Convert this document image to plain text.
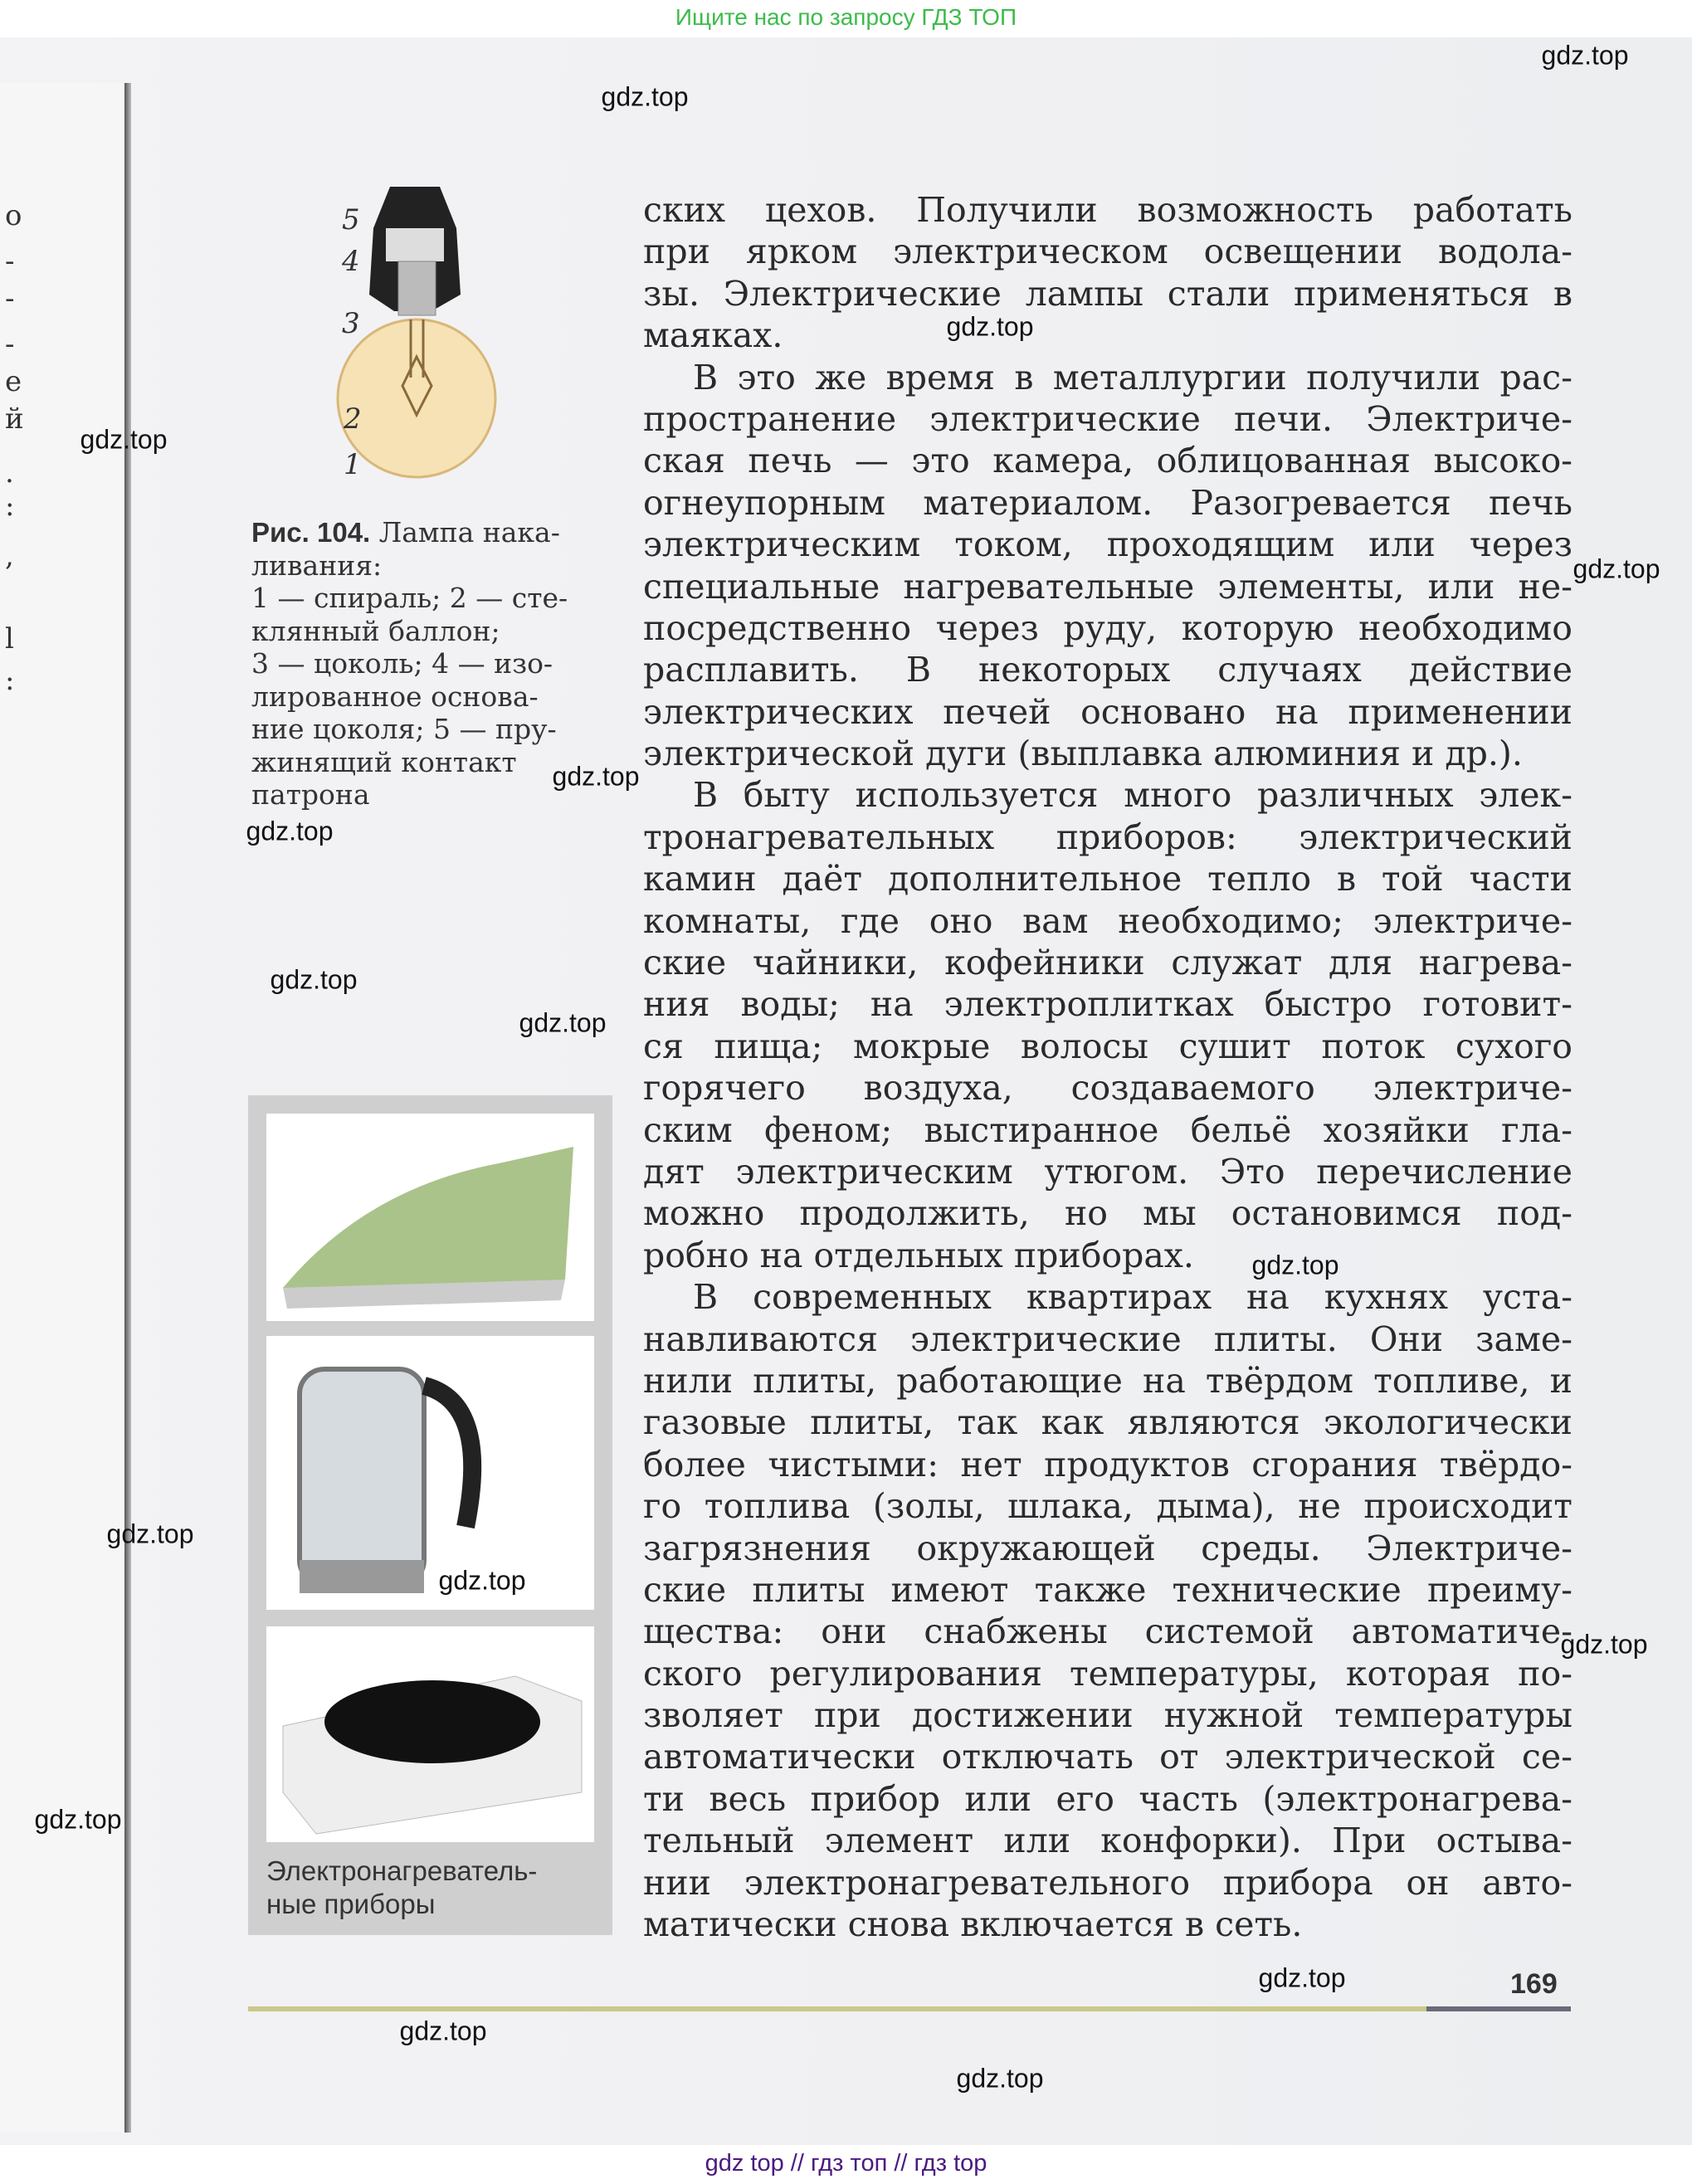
Ищите нас по запросу ГДЗ ТОП
о
-
-
-
е
й
.
:
,
l
:
5
4
3
2
1
Рис. 104. Лампа нака-
ливания:
1 — спираль; 2 — сте-
клянный баллон;
3 — цоколь; 4 — изо-
лированное основа-
ние цоколя; 5 — пру-
жинящий контакт
патрона
ских цехов. Получили возможность работать
при ярком электрическом освещении водола-
зы. Электрические лампы стали применяться в
маяках.
В это же время в металлургии получили рас-
пространение электрические печи. Электриче-
ская печь — это камера, облицованная высоко-
огнеупорным материалом. Разогревается печь
электрическим током, проходящим или через
специальные нагревательные элементы, или не-
посредственно через руду, которую необходимо
расплавить. В некоторых случаях действие
электрических печей основано на применении
электрической дуги (выплавка алюминия и др.).
В быту используется много различных элек-
тронагревательных приборов: электрический
камин даёт дополнительное тепло в той части
комнаты, где оно вам необходимо; электриче-
ские чайники, кофейники служат для нагрева-
ния воды; на электроплитках быстро готовит-
ся пища; мокрые волосы сушит поток сухого
горячего воздуха, создаваемого электриче-
ским феном; выстиранное бельё хозяйки гла-
дят электрическим утюгом. Это перечисление
можно продолжить, но мы остановимся под-
робно на отдельных приборах.
В современных квартирах на кухнях уста-
навливаются электрические плиты. Они заме-
нили плиты, работающие на твёрдом топливе, и
газовые плиты, так как являются экологически
более чистыми: нет продуктов сгорания твёрдо-
го топлива (золы, шлака, дыма), не происходит
загрязнения окружающей среды. Электриче-
ские плиты имеют также технические преиму-
щества: они снабжены системой автоматиче-
ского регулирования температуры, которая по-
зволяет при достижении нужной температуры
автоматически отключать от электрической се-
ти весь прибор или его часть (электронагрева-
тельный элемент или конфорки). При остыва-
нии электронагревательного прибора он авто-
матически снова включается в сеть.
Электронагреватель-
ные приборы
169
gdz.top
gdz.top
gdz.top
gdz.top
gdz.top
gdz.top
gdz.top
gdz.top
gdz.top
gdz.top
gdz.top
gdz.top
gdz.top
gdz.top
gdz.top
gdz.top
gdz.top
gdz top // гдз топ // гдз top
